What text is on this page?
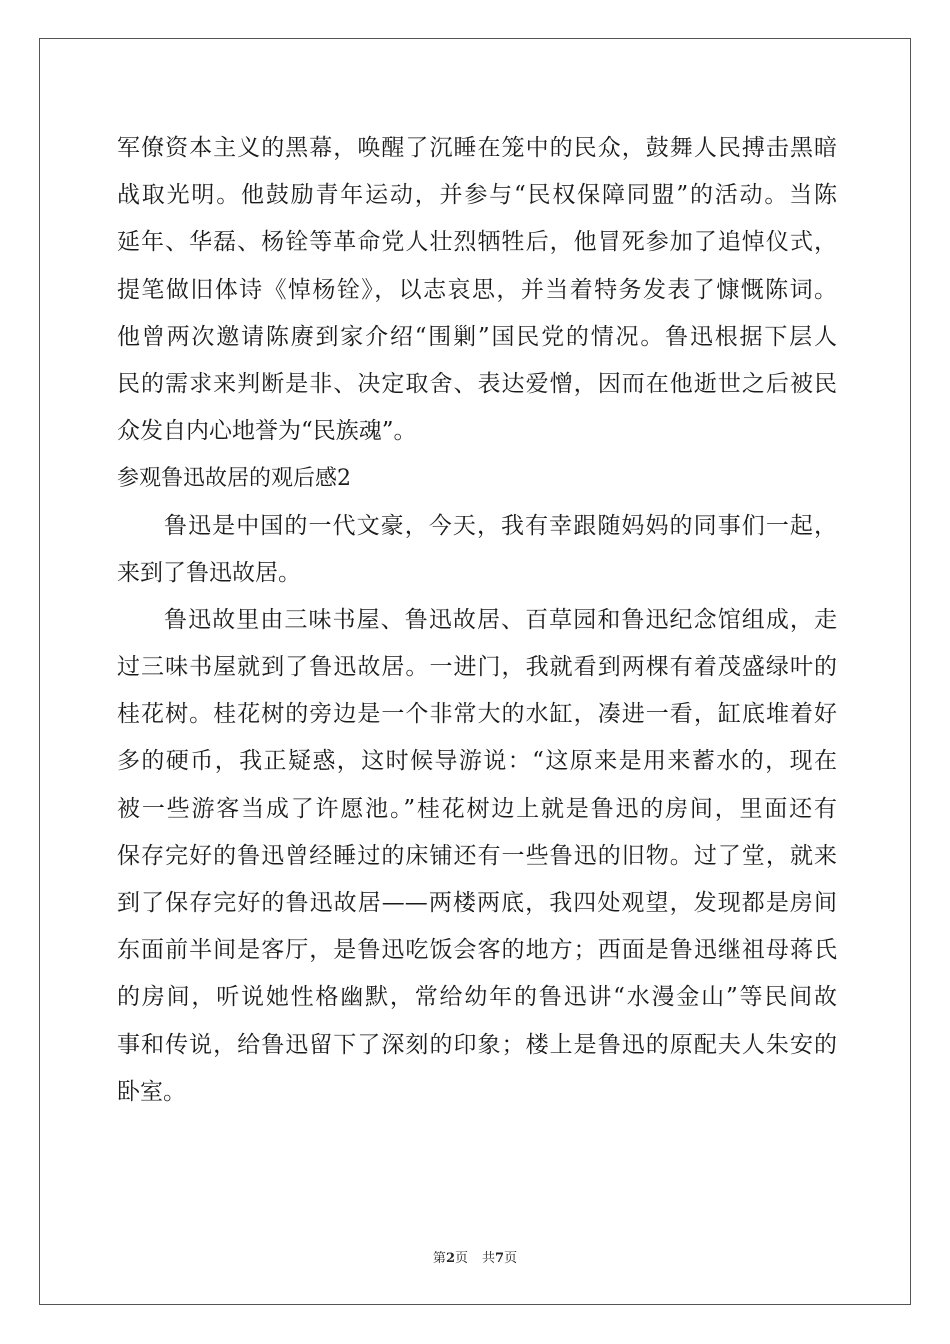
军僚资本主义的黑幕，唤醒了沉睡在笼中的民众，鼓舞人民搏击黑暗
战取光明。他鼓励青年运动，并参与“民权保障同盟”的活动。当陈
延年、华磊、杨铨等革命党人壮烈牺牲后，他冒死参加了追悼仪式，
提笔做旧体诗《悼杨铨》，以志哀思，并当着特务发表了慷慨陈词。
他曾两次邀请陈赓到家介绍“围剿”国民党的情况。鲁迅根据下层人
民的需求来判断是非、决定取舍、表达爱憎，因而在他逝世之后被民
众发自内心地誉为“民族魂”。
参观鲁迅故居的观后感2
鲁迅是中国的一代文豪，今天，我有幸跟随妈妈的同事们一起，
来到了鲁迅故居。
鲁迅故里由三味书屋、鲁迅故居、百草园和鲁迅纪念馆组成，走
过三味书屋就到了鲁迅故居。一进门，我就看到两棵有着茂盛绿叶的
桂花树。桂花树的旁边是一个非常大的水缸，凑进一看，缸底堆着好
多的硬币，我正疑惑，这时候导游说：“这原来是用来蓄水的，现在
被一些游客当成了许愿池。”桂花树边上就是鲁迅的房间，里面还有
保存完好的鲁迅曾经睡过的床铺还有一些鲁迅的旧物。过了堂，就来
到了保存完好的鲁迅故居——两楼两底，我四处观望，发现都是房间
东面前半间是客厅，是鲁迅吃饭会客的地方；西面是鲁迅继祖母蒋氏
的房间，听说她性格幽默，常给幼年的鲁迅讲“水漫金山”等民间故
事和传说，给鲁迅留下了深刻的印象；楼上是鲁迅的原配夫人朱安的
卧室。
第2页 共7页
